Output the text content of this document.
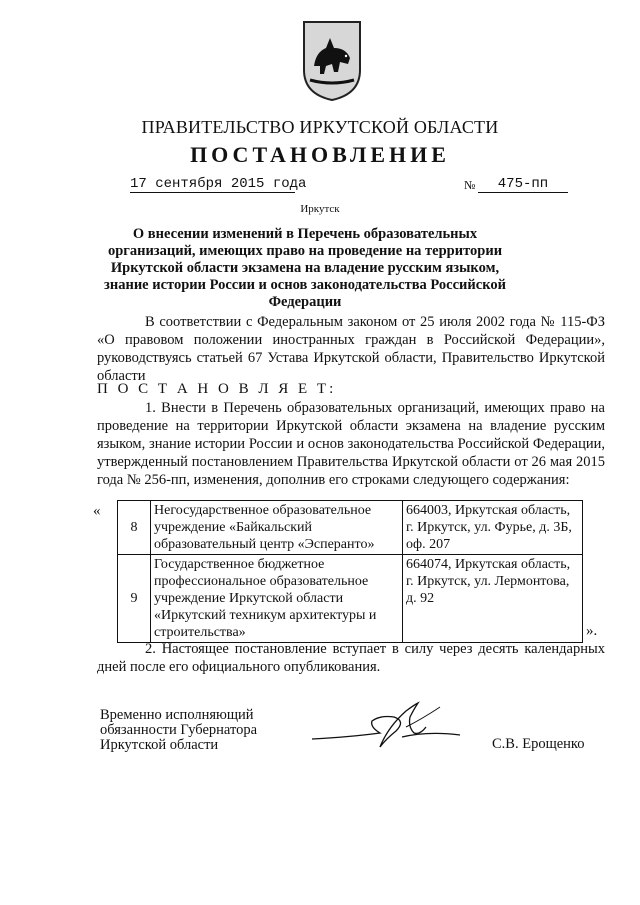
ПРАВИТЕЛЬСТВО ИРКУТСКОЙ ОБЛАСТИ
ПОСТАНОВЛЕНИЕ
17 сентября 2015 года	№	475-пп
Иркутск
О внесении изменений в Перечень образовательных организаций, имеющих право на проведение на территории Иркутской области экзамена на владение русским языком, знание истории России и основ законодательства Российской Федерации
В соответствии с Федеральным законом от 25 июля 2002 года № 115-ФЗ «О правовом положении иностранных граждан в Российской Федерации», руководствуясь статьей 67 Устава Иркутской области, Правительство Иркутской области
П О С Т А Н О В Л Я Е Т:
1. Внести в Перечень образовательных организаций, имеющих право на проведение на территории Иркутской области экзамена на владение русским языком, знание истории России и основ законодательства Российской Федерации, утвержденный постановлением Правительства Иркутской области от 26 мая 2015 года № 256-пп, изменения, дополнив его строками следующего содержания:
«
8	Негосударственное образовательное учреждение «Байкальский образовательный центр «Эсперанто»	664003, Иркутская область, г. Иркутск, ул. Фурье, д. 3Б, оф. 207
9	Государственное бюджетное профессиональное образовательное учреждение Иркутской области «Иркутский техникум архитектуры и строительства»	664074, Иркутская область, г. Иркутск, ул. Лермонтова, д. 92
».
2. Настоящее постановление вступает в силу через десять календарных дней после его официального опубликования.
Временно исполняющий
обязанности Губернатора
Иркутской области	С.В. Ерощенко
